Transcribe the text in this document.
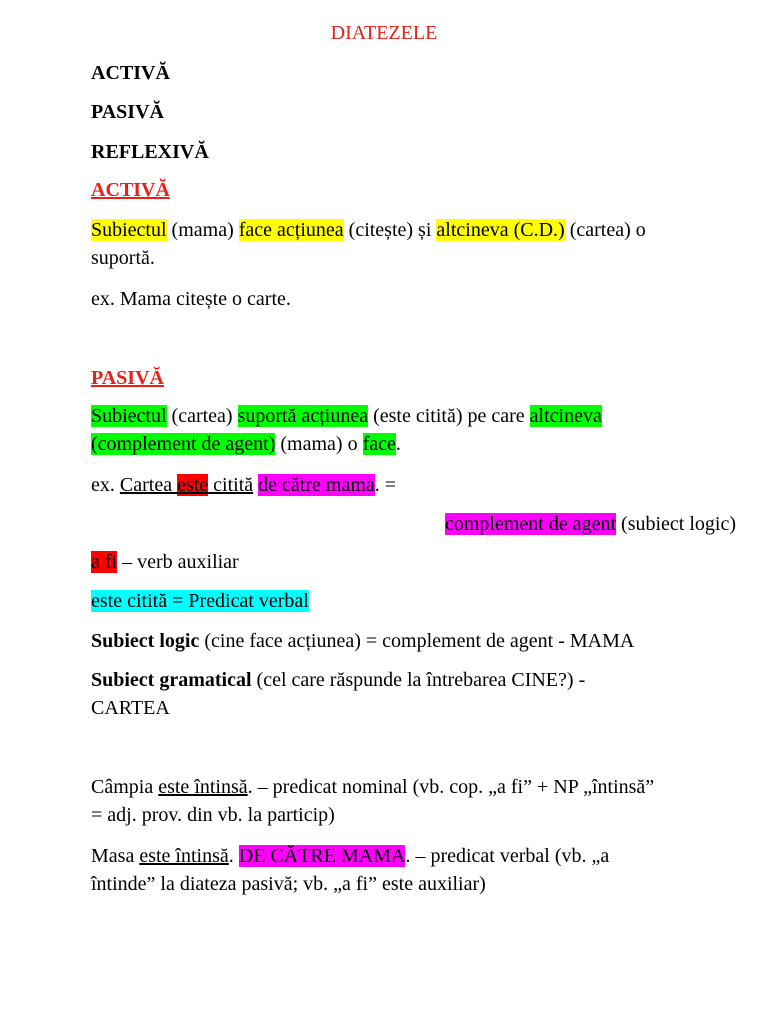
DIATEZELE
ACTIVĂ
PASIVĂ
REFLEXIVĂ
ACTIVĂ
Subiectul (mama) face acțiunea (citește) și altcineva (C.D.) (cartea) o
suportă.
ex. Mama citește o carte.
PASIVĂ
Subiectul (cartea) suportă acțiunea (este citită) pe care altcineva
(complement de agent) (mama) o face.
ex. Cartea este citită de către mama. =
complement de agent (subiect logic)
a fi – verb auxiliar
este citită = Predicat verbal
Subiect logic (cine face acțiunea) = complement de agent - MAMA
Subiect gramatical (cel care răspunde la întrebarea CINE?) -
CARTEA
Câmpia este întinsă. – predicat nominal (vb. cop. „a fi” + NP „întinsă”
= adj. prov. din vb. la particip)
Masa este întinsă. DE CĂTRE MAMA. – predicat verbal (vb. „a
întinde” la diateza pasivă; vb. „a fi” este auxiliar)
